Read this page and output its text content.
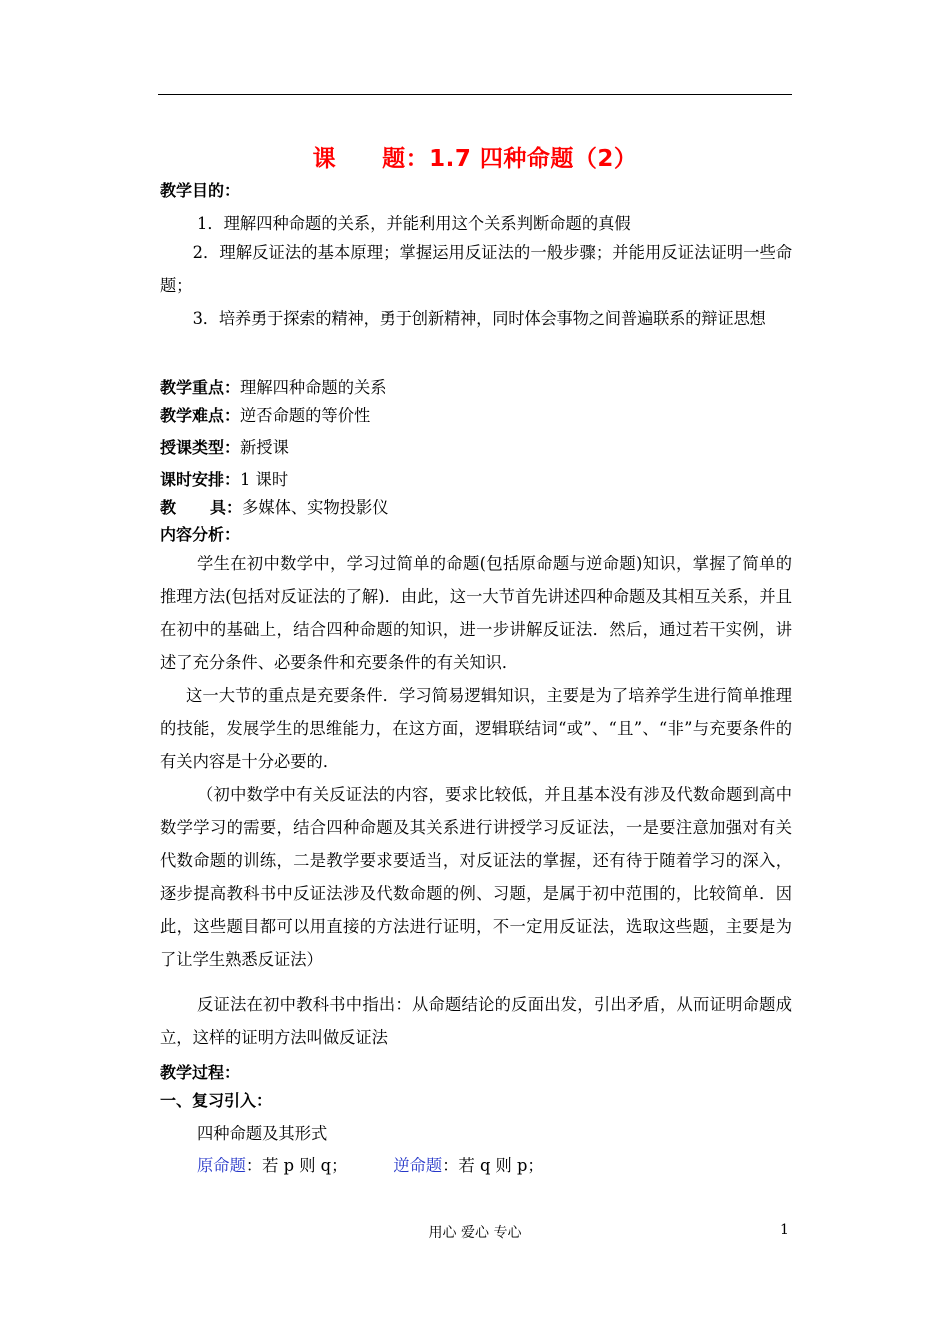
课 题：1.7 四种命题（2）
教学目的：
1．理解四种命题的关系，并能利用这个关系判断命题的真假
2．理解反证法的基本原理；掌握运用反证法的一般步骤；并能用反证法证明一些命题；
3．培养勇于探索的精神，勇于创新精神，同时体会事物之间普遍联系的辩证思想
教学重点：理解四种命题的关系
教学难点：逆否命题的等价性
授课类型：新授课
课时安排：1 课时
教 具：多媒体、实物投影仪
内容分析：
学生在初中数学中，学习过简单的命题(包括原命题与逆命题)知识，掌握了简单的推理方法(包括对反证法的了解)．由此，这一大节首先讲述四种命题及其相互关系，并且在初中的基础上，结合四种命题的知识，进一步讲解反证法．然后，通过若干实例，讲述了充分条件、必要条件和充要条件的有关知识．
这一大节的重点是充要条件．学习简易逻辑知识，主要是为了培养学生进行简单推理的技能，发展学生的思维能力，在这方面，逻辑联结词“或”、“且”、“非”与充要条件的有关内容是十分必要的．
（初中数学中有关反证法的内容，要求比较低，并且基本没有涉及代数命题到高中数学学习的需要，结合四种命题及其关系进行讲授学习反证法，一是要注意加强对有关代数命题的训练，二是教学要求要适当，对反证法的掌握，还有待于随着学习的深入，逐步提高教科书中反证法涉及代数命题的例、习题，是属于初中范围的，比较简单．因此，这些题目都可以用直接的方法进行证明，不一定用反证法，选取这些题，主要是为了让学生熟悉反证法）
反证法在初中教科书中指出：从命题结论的反面出发，引出矛盾，从而证明命题成立，这样的证明方法叫做反证法
教学过程：
一、复习引入：
四种命题及其形式
原命题：若 p 则 q；	逆命题：若 q 则 p；
用心 爱心 专心	1
